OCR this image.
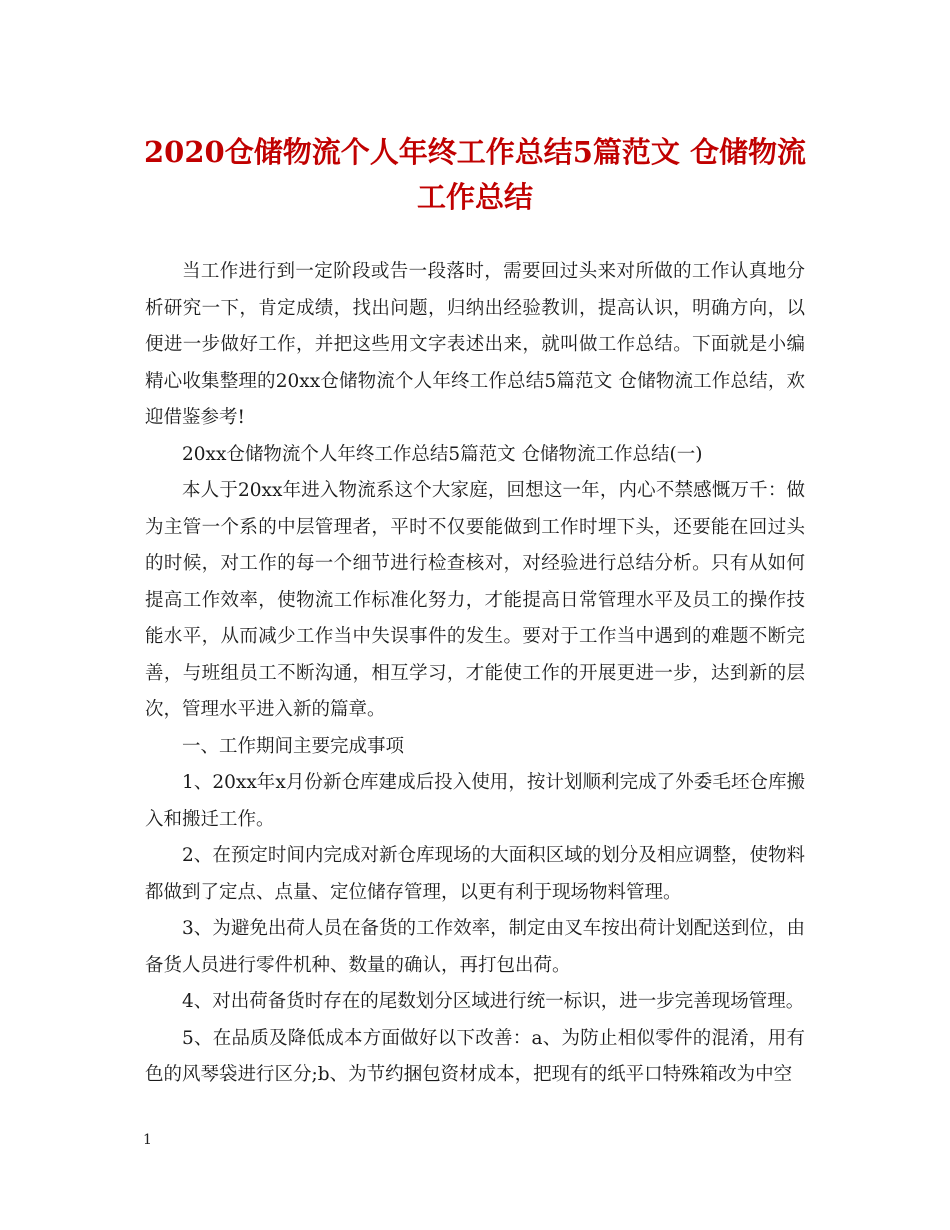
2020仓储物流个人年终工作总结5篇范文 仓储物流工作总结

当工作进行到一定阶段或告一段落时，需要回过头来对所做的工作认真地分析研究一下，肯定成绩，找出问题，归纳出经验教训，提高认识，明确方向，以便进一步做好工作，并把这些用文字表述出来，就叫做工作总结。下面就是小编精心收集整理的20xx仓储物流个人年终工作总结5篇范文 仓储物流工作总结，欢迎借鉴参考!

20xx仓储物流个人年终工作总结5篇范文 仓储物流工作总结(一)

本人于20xx年进入物流系这个大家庭，回想这一年，内心不禁感慨万千：做为主管一个系的中层管理者，平时不仅要能做到工作时埋下头，还要能在回过头的时候，对工作的每一个细节进行检查核对，对经验进行总结分析。只有从如何提高工作效率，使物流工作标准化努力，才能提高日常管理水平及员工的操作技能水平，从而减少工作当中失误事件的发生。要对于工作当中遇到的难题不断完善，与班组员工不断沟通，相互学习，才能使工作的开展更进一步，达到新的层次，管理水平进入新的篇章。

一、工作期间主要完成事项

1、20xx年x月份新仓库建成后投入使用，按计划顺利完成了外委毛坯仓库搬入和搬迁工作。

2、在预定时间内完成对新仓库现场的大面积区域的划分及相应调整，使物料都做到了定点、点量、定位储存管理，以更有利于现场物料管理。

3、为避免出荷人员在备货的工作效率，制定由叉车按出荷计划配送到位，由备货人员进行零件机种、数量的确认，再打包出荷。

4、对出荷备货时存在的尾数划分区域进行统一标识，进一步完善现场管理。

5、在品质及降低成本方面做好以下改善：a、为防止相似零件的混淆，用有色的风琴袋进行区分;b、为节约捆包资材成本，把现有的纸平口特殊箱改为中空

1
